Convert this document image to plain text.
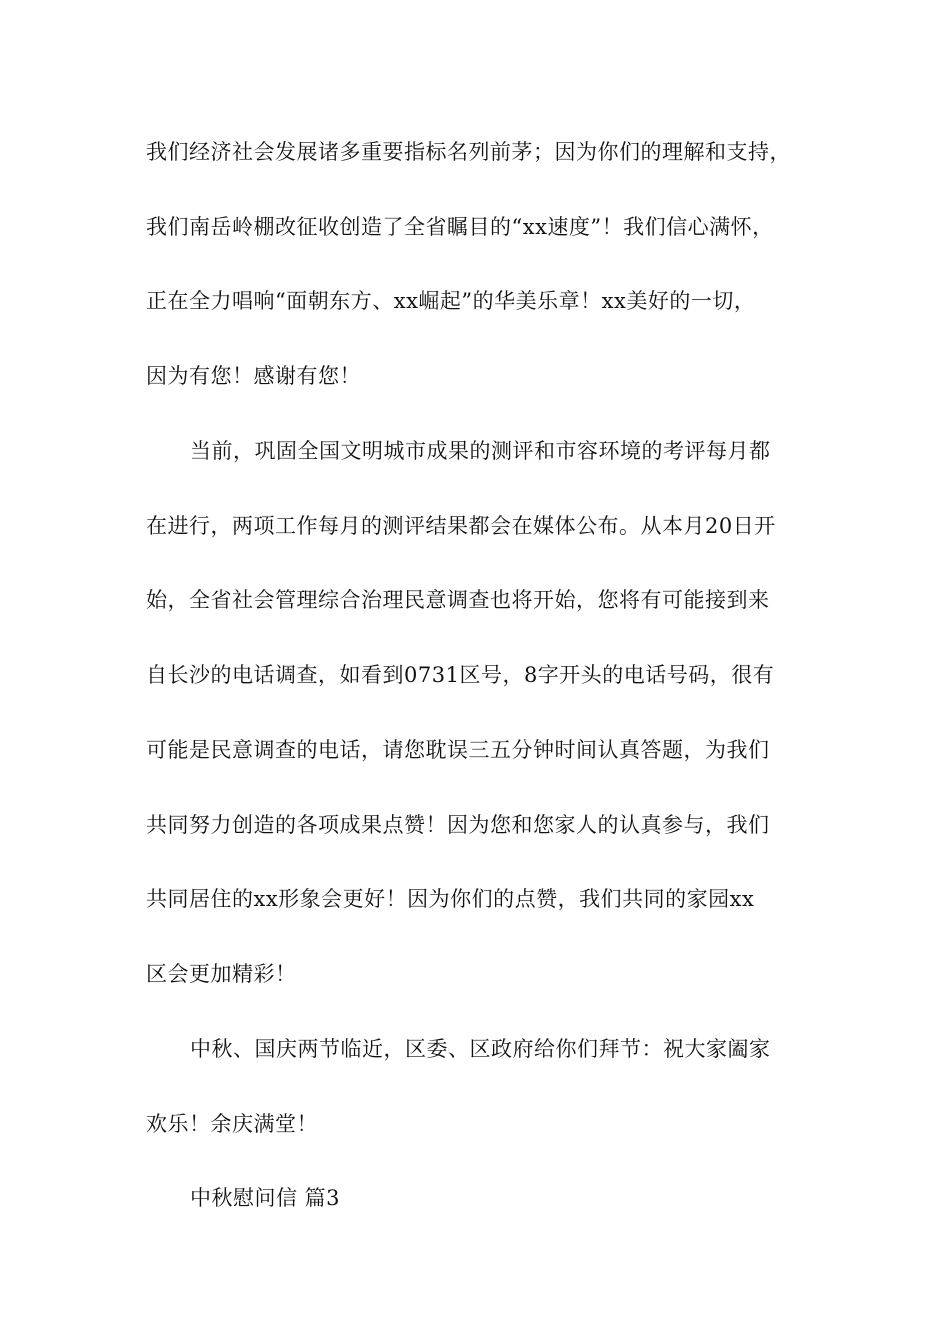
我们经济社会发展诸多重要指标名列前茅；因为你们的理解和支持，
我们南岳岭棚改征收创造了全省瞩目的“xx速度”！我们信心满怀，
正在全力唱响“面朝东方、xx崛起”的华美乐章！xx美好的一切，
因为有您！感谢有您！
当前，巩固全国文明城市成果的测评和市容环境的考评每月都
在进行，两项工作每月的测评结果都会在媒体公布。从本月20日开
始，全省社会管理综合治理民意调查也将开始，您将有可能接到来
自长沙的电话调查，如看到0731区号，8字开头的电话号码，很有
可能是民意调查的电话，请您耽误三五分钟时间认真答题，为我们
共同努力创造的各项成果点赞！因为您和您家人的认真参与，我们
共同居住的xx形象会更好！因为你们的点赞，我们共同的家园xx
区会更加精彩！
中秋、国庆两节临近，区委、区政府给你们拜节：祝大家阖家
欢乐！余庆满堂！
中秋慰问信 篇3
